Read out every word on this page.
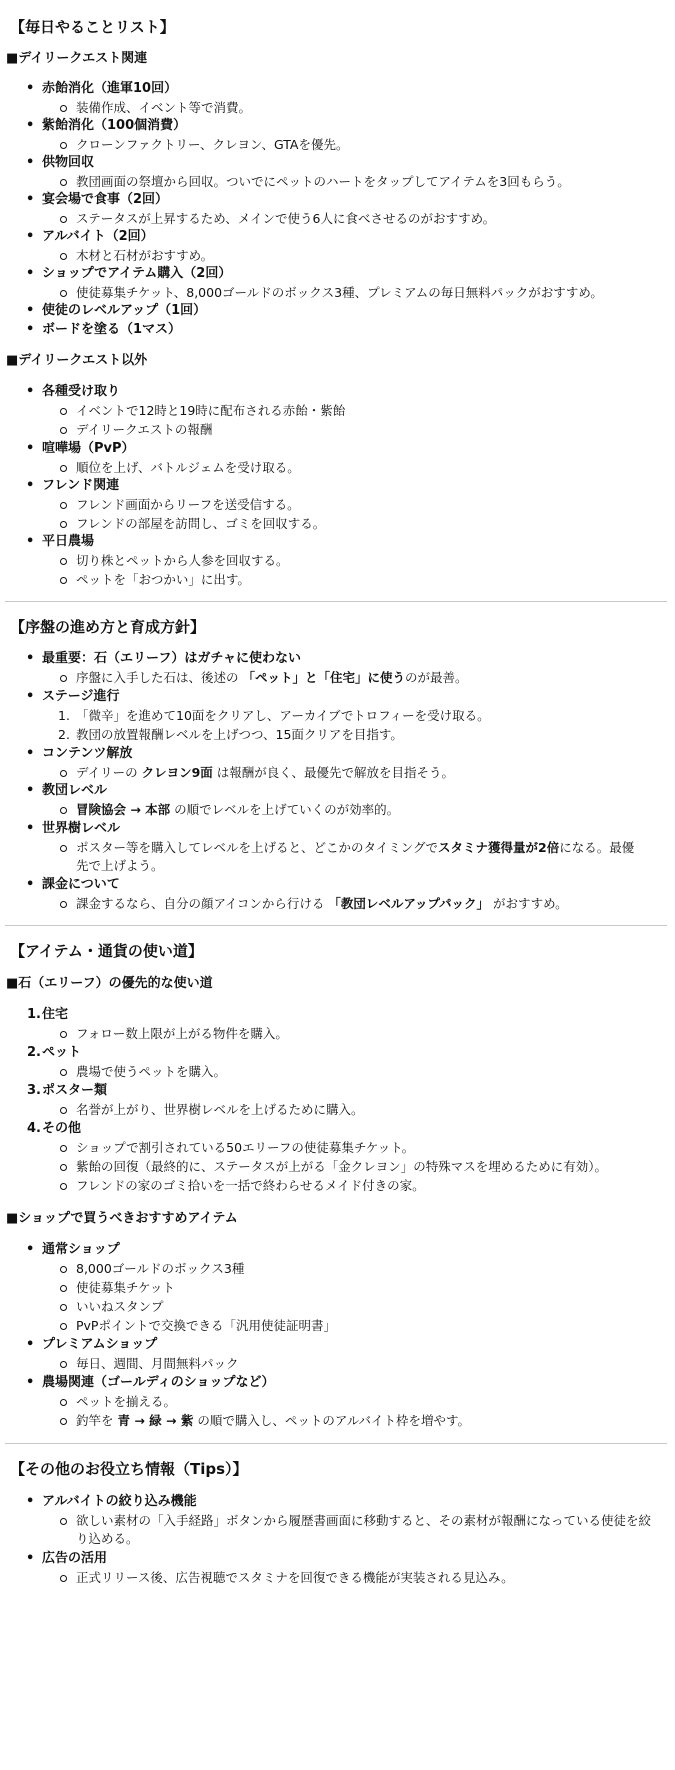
【毎日やることリスト】
■デイリークエスト関連
• 赤飴消化（進軍10回）
装備作成、イベント等で消費。
• 紫飴消化（100個消費）
クローンファクトリー、クレヨン、GTAを優先。
• 供物回収
教団画面の祭壇から回収。ついでにペットのハートをタップしてアイテムを3回もらう。
• 宴会場で食事（2回）
ステータスが上昇するため、メインで使う6人に食べさせるのがおすすめ。
• アルバイト（2回）
木材と石材がおすすめ。
• ショップでアイテム購入（2回）
使徒募集チケット、8,000ゴールドのボックス3種、プレミアムの毎日無料パックがおすすめ。
• 使徒のレベルアップ（1回）
• ボードを塗る（1マス）
■デイリークエスト以外
• 各種受け取り
イベントで12時と19時に配布される赤飴・紫飴
デイリークエストの報酬
• 喧嘩場（PvP）
順位を上げ、バトルジェムを受け取る。
• フレンド関連
フレンド画面からリーフを送受信する。
フレンドの部屋を訪問し、ゴミを回収する。
• 平日農場
切り株とペットから人参を回収する。
ペットを「おつかい」に出す。
【序盤の進め方と育成方針】
• 最重要：石（エリーフ）はガチャに使わない
序盤に入手した石は、後述の 「ペット」と「住宅」に使うのが最善。
• ステージ進行
1. 「微辛」を進めて10面をクリアし、アーカイブでトロフィーを受け取る。
2. 教団の放置報酬レベルを上げつつ、15面クリアを目指す。
• コンテンツ解放
デイリーの クレヨン9面 は報酬が良く、最優先で解放を目指そう。
• 教団レベル
冒険協会 → 本部 の順でレベルを上げていくのが効率的。
• 世界樹レベル
ポスター等を購入してレベルを上げると、どこかのタイミングでスタミナ獲得量が2倍になる。最優先で上げよう。
• 課金について
課金するなら、自分の顔アイコンから行ける 「教団レベルアップパック」 がおすすめ。
【アイテム・通貨の使い道】
■石（エリーフ）の優先的な使い道
1. 住宅
フォロー数上限が上がる物件を購入。
2. ペット
農場で使うペットを購入。
3. ポスター類
名誉が上がり、世界樹レベルを上げるために購入。
4. その他
ショップで割引されている50エリーフの使徒募集チケット。
紫飴の回復（最終的に、ステータスが上がる「金クレヨン」の特殊マスを埋めるために有効）。
フレンドの家のゴミ拾いを一括で終わらせるメイド付きの家。
■ショップで買うべきおすすめアイテム
• 通常ショップ
8,000ゴールドのボックス3種
使徒募集チケット
いいねスタンプ
PvPポイントで交換できる「汎用使徒証明書」
• プレミアムショップ
毎日、週間、月間無料パック
• 農場関連（ゴールディのショップなど）
ペットを揃える。
釣竿を 青 → 緑 → 紫 の順で購入し、ペットのアルバイト枠を増やす。
【その他のお役立ち情報（Tips）】
• アルバイトの絞り込み機能
欲しい素材の「入手経路」ボタンから履歴書画面に移動すると、その素材が報酬になっている使徒を絞り込める。
• 広告の活用
正式リリース後、広告視聴でスタミナを回復できる機能が実装される見込み。
